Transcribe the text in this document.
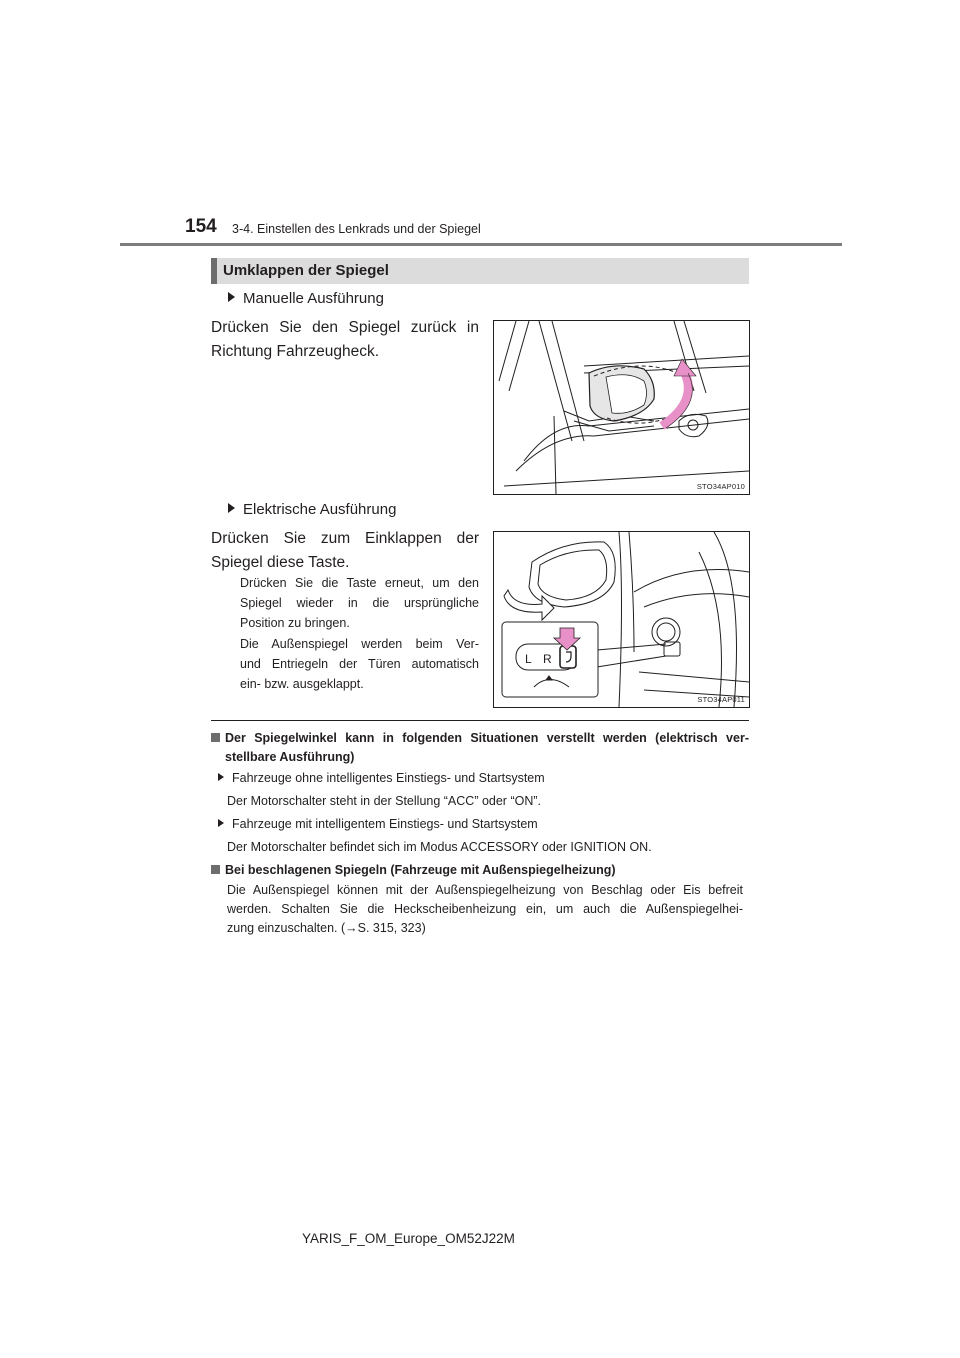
154 3-4. Einstellen des Lenkrads und der Spiegel
Umklappen der Spiegel
Manuelle Ausführung
Drücken Sie den Spiegel zurück in
Richtung Fahrzeugheck.
STO34AP010
Elektrische Ausführung
Drücken Sie zum Einklappen der
Spiegel diese Taste.
Drücken Sie die Taste erneut, um den
Spiegel wieder in die ursprüngliche
Position zu bringen.
Die Außenspiegel werden beim Ver-
und Entriegeln der Türen automatisch
ein- bzw. ausgeklappt.
L R
STO34AP011
Der Spiegelwinkel kann in folgenden Situationen verstellt werden (elektrisch ver-
stellbare Ausführung)
Fahrzeuge ohne intelligentes Einstiegs- und Startsystem
Der Motorschalter steht in der Stellung “ACC” oder “ON”.
Fahrzeuge mit intelligentem Einstiegs- und Startsystem
Der Motorschalter befindet sich im Modus ACCESSORY oder IGNITION ON.
Bei beschlagenen Spiegeln (Fahrzeuge mit Außenspiegelheizung)
Die Außenspiegel können mit der Außenspiegelheizung von Beschlag oder Eis befreit
werden. Schalten Sie die Heckscheibenheizung ein, um auch die Außenspiegelhei-
zung einzuschalten. (→S. 315, 323)
YARIS_F_OM_Europe_OM52J22M
